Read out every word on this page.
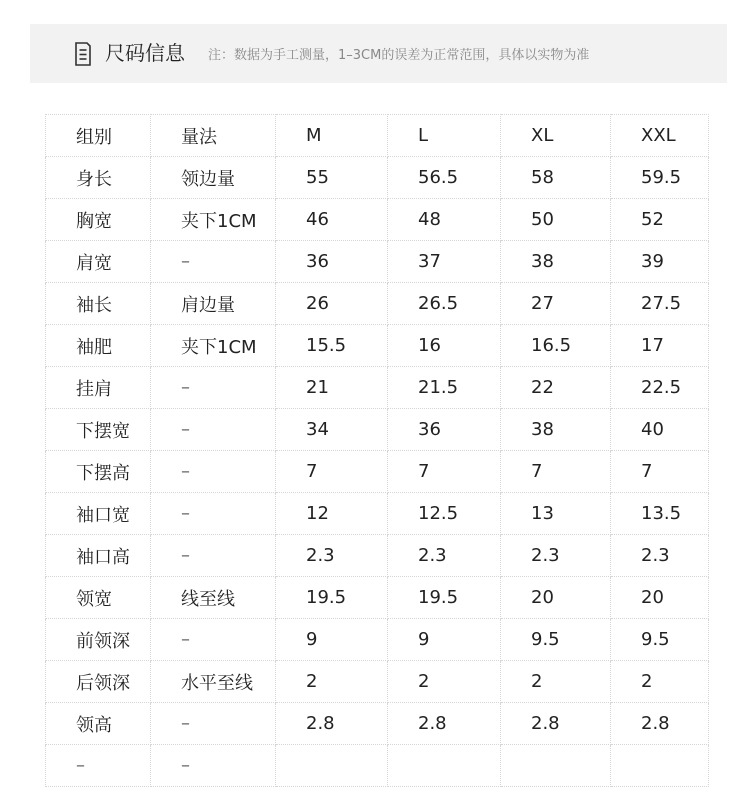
尺码信息 注：数据为手工测量，1–3CM的误差为正常范围，具体以实物为准
组别	量法	M	L	XL	XXL
身长	领边量	55	56.5	58	59.5
胸宽	夹下1CM	46	48	50	52
肩宽	–	36	37	38	39
袖长	肩边量	26	26.5	27	27.5
袖肥	夹下1CM	15.5	16	16.5	17
挂肩	–	21	21.5	22	22.5
下摆宽	–	34	36	38	40
下摆高	–	7	7	7	7
袖口宽	–	12	12.5	13	13.5
袖口高	–	2.3	2.3	2.3	2.3
领宽	线至线	19.5	19.5	20	20
前领深	–	9	9	9.5	9.5
后领深	水平至线	2	2	2	2
领高	–	2.8	2.8	2.8	2.8
–	–				
